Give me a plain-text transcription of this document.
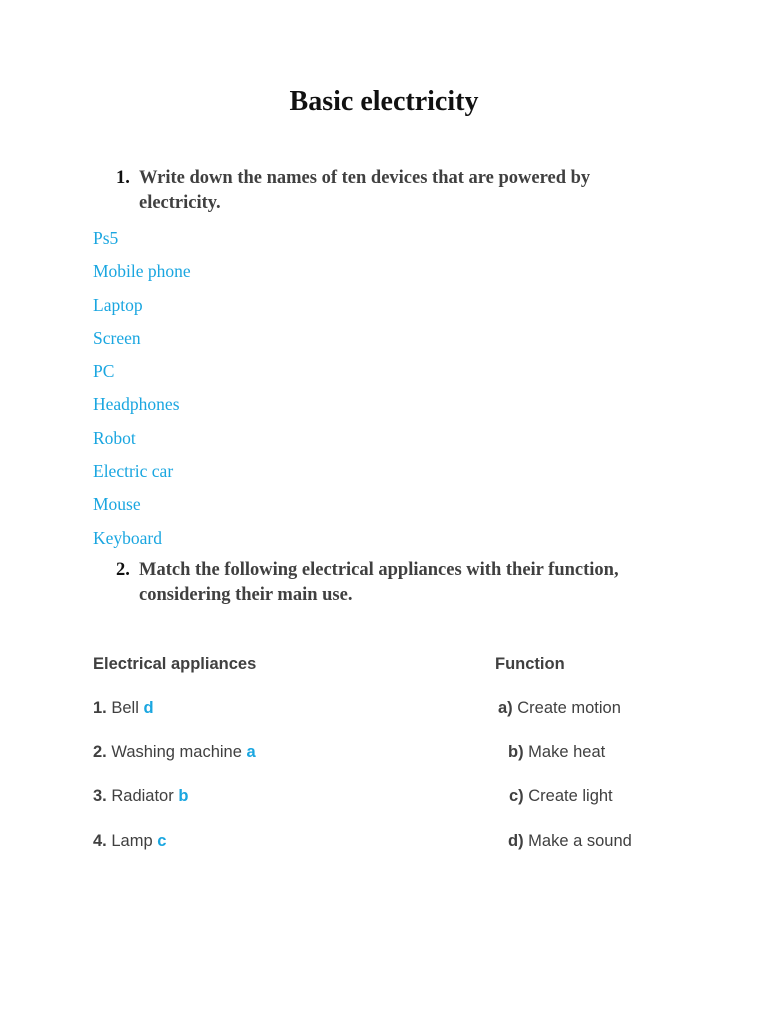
Basic electricity
1. Write down the names of ten devices that are powered by electricity.
Ps5
Mobile phone
Laptop
Screen
PC
Headphones
Robot
Electric car
Mouse
Keyboard
2. Match the following electrical appliances with their function, considering their main use.
Electrical appliances	Function
1. Bell d
2. Washing machine a
3. Radiator b
4. Lamp c
a) Create motion
b) Make heat
c) Create light
d) Make a sound
